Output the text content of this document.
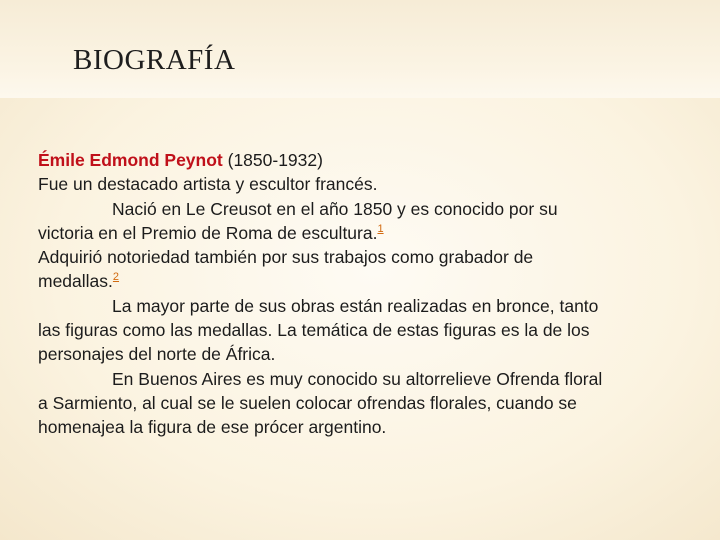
BIOGRAFÍA
Émile Edmond Peynot (1850-1932)
Fue un destacado artista y escultor francés.
Nació en Le Creusot en el año 1850 y es conocido por su
victoria en el Premio de Roma de escultura.$^1$
Adquirió notoriedad también por sus trabajos como grabador de
medallas.$^2$
La mayor parte de sus obras están realizadas en bronce, tanto
las figuras como las medallas. La temática de estas figuras es la de los
personajes del norte de África.
En Buenos Aires es muy conocido su altorrelieve Ofrenda floral
a Sarmiento, al cual se le suelen colocar ofrendas florales, cuando se
homenajea la figura de ese prócer argentino.
